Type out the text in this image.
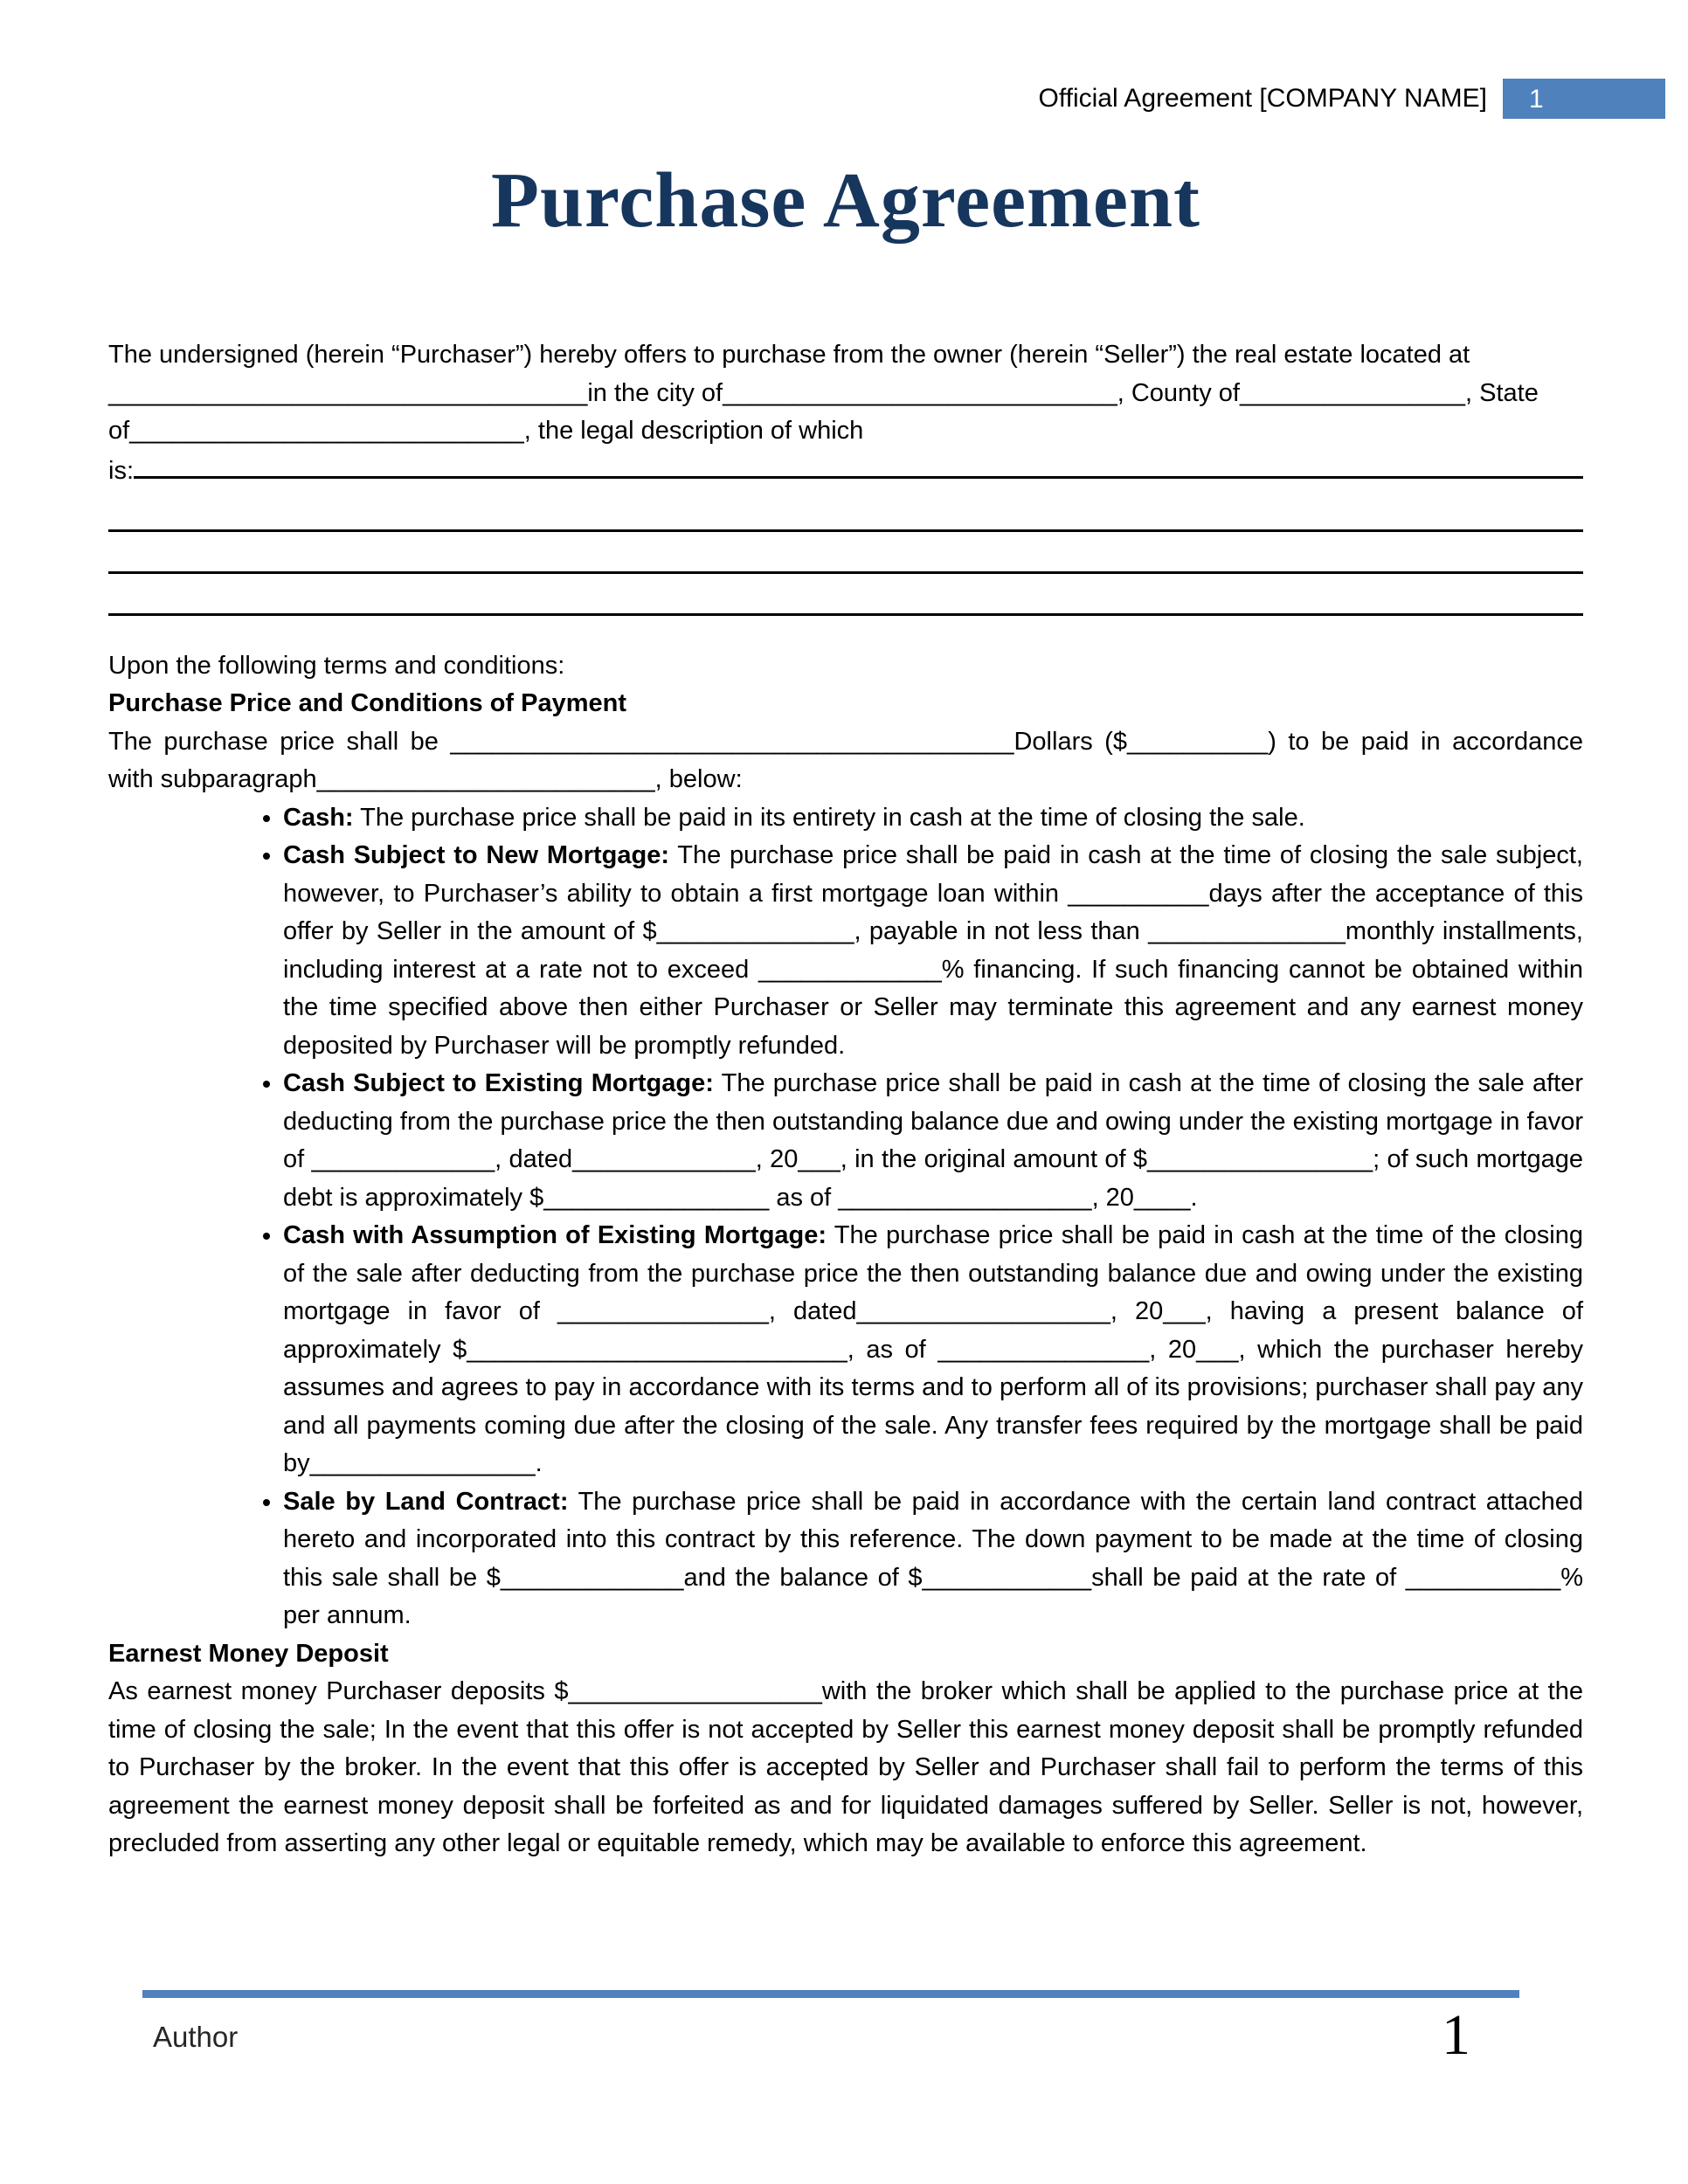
Official Agreement [COMPANY NAME] 1
Purchase Agreement

The undersigned (herein “Purchaser”) hereby offers to purchase from the owner (herein “Seller”) the real estate located at __________________________________in the city of____________________________, County of________________, State of____________________________, the legal description of which

is:

Upon the following terms and conditions:

Purchase Price and Conditions of Payment

The purchase price shall be ________________________________________Dollars ($__________) to be paid in accordance with subparagraph________________________, below:

• Cash: The purchase price shall be paid in its entirety in cash at the time of closing the sale.
• Cash Subject to New Mortgage: The purchase price shall be paid in cash at the time of closing the sale subject, however, to Purchaser’s ability to obtain a first mortgage loan within __________days after the acceptance of this offer by Seller in the amount of $______________, payable in not less than ______________monthly installments, including interest at a rate not to exceed _____________% financing. If such financing cannot be obtained within the time specified above then either Purchaser or Seller may terminate this agreement and any earnest money deposited by Purchaser will be promptly refunded.
• Cash Subject to Existing Mortgage: The purchase price shall be paid in cash at the time of closing the sale after deducting from the purchase price the then outstanding balance due and owing under the existing mortgage in favor of _____________, dated_____________, 20___, in the original amount of $________________; of such mortgage debt is approximately $________________ as of __________________, 20____.
• Cash with Assumption of Existing Mortgage: The purchase price shall be paid in cash at the time of the closing of the sale after deducting from the purchase price the then outstanding balance due and owing under the existing mortgage in favor of _______________, dated__________________, 20___, having a present balance of approximately $___________________________, as of _______________, 20___, which the purchaser hereby assumes and agrees to pay in accordance with its terms and to perform all of its provisions; purchaser shall pay any and all payments coming due after the closing of the sale. Any transfer fees required by the mortgage shall be paid by________________.
• Sale by Land Contract: The purchase price shall be paid in accordance with the certain land contract attached hereto and incorporated into this contract by this reference. The down payment to be made at the time of closing this sale shall be $_____________and the balance of $____________shall be paid at the rate of ___________% per annum.

Earnest Money Deposit

As earnest money Purchaser deposits $__________________with the broker which shall be applied to the purchase price at the time of closing the sale; In the event that this offer is not accepted by Seller this earnest money deposit shall be promptly refunded to Purchaser by the broker. In the event that this offer is accepted by Seller and Purchaser shall fail to perform the terms of this agreement the earnest money deposit shall be forfeited as and for liquidated damages suffered by Seller. Seller is not, however, precluded from asserting any other legal or equitable remedy, which may be available to enforce this agreement.

Author	1
